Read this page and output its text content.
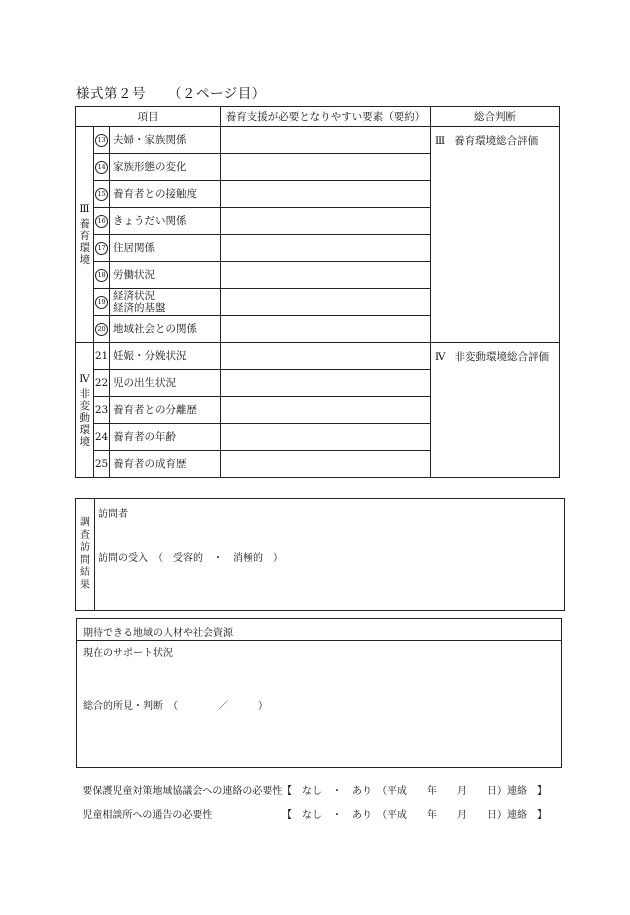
様式第２号 （２ページ目）
項目			養育支援が必要となりやすい要素（要約）	総合判断

Ⅲ
養育環境	13	夫婦・家族関係		Ⅲ 養育環境総合評価
	14	家族形態の変化		

	15	養育者との接触度		

	16	きょうだい関係		

	17	住居関係		

	18	労働状況		

	19	経済状況
経済的基盤		

	20	地域社会との関係		

Ⅳ
非変動環境	21	妊娠・分娩状況		Ⅳ 非変動環境総合評価
	22	児の出生状況		

	23	養育者との分離歴		

	24	養育者の年齢		

	25	養育者の成育歴		

調査訪問結果
訪問者
訪問の受入　（　受容的　・　消極的　）
期待できる地域の人材や社会資源
現在のサポート状況
総合的所見・判断　（　　　　／　　　）

要保護児童対策地域協議会への連絡の必要性 【　なし　・　あり　（平成　　年　　月　　日）連絡　】

児童相談所への通告の必要性	【　なし　・　あり　（平成　　年　　月　　日）連絡　】
